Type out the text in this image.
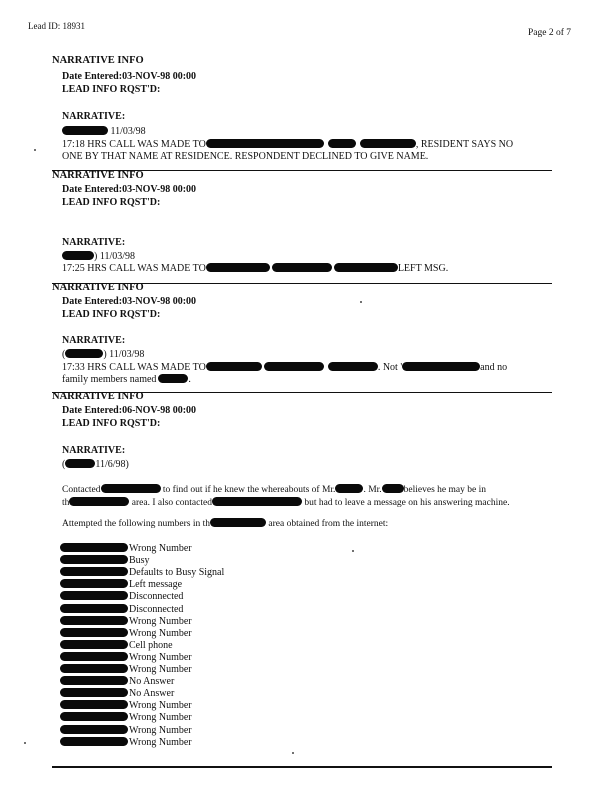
Lead ID: 18931
Page 2 of 7
NARRATIVE INFO
Date Entered:03-NOV-98 00:00
LEAD INFO RQST'D:
NARRATIVE:
11/03/98
17:18 HRS CALL WAS MADE TO	, RESIDENT SAYS NO
ONE BY THAT NAME AT RESIDENCE. RESPONDENT DECLINED TO GIVE NAME.
NARRATIVE INFO
Date Entered:03-NOV-98 00:00
LEAD INFO RQST'D:
NARRATIVE:
) 11/03/98
17:25 HRS CALL WAS MADE TO	LEFT MSG.
NARRATIVE INFO
Date Entered:03-NOV-98 00:00
LEAD INFO RQST'D:
NARRATIVE:
(	) 11/03/98
17:33 HRS CALL WAS MADE TO	. Not '	and no
family members named	.
NARRATIVE INFO
Date Entered:06-NOV-98 00:00
LEAD INFO RQST'D:
NARRATIVE:
(	11/6/98)
Contacted	to find out if he knew the whereabouts of Mr.	. Mr. believes he may be in
th	area. I also contacted	but had to leave a message on his answering machine.
Attempted the following numbers in th	area obtained from the internet:
Wrong Number
Busy
Defaults to Busy Signal
Left message
Disconnected
Disconnected
Wrong Number
Wrong Number
Cell phone
Wrong Number
Wrong Number
No Answer
No Answer
Wrong Number
Wrong Number
Wrong Number
Wrong Number
